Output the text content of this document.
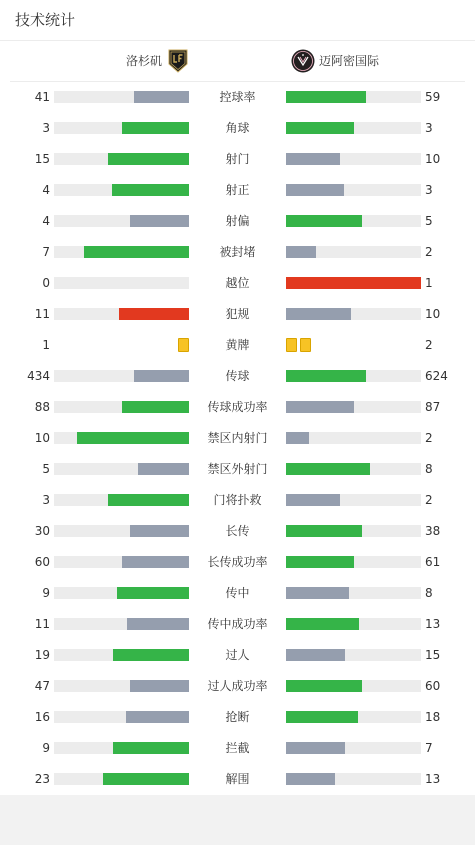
技术统计
洛杉矶	迈阿密国际
41	控球率	59
3	角球	3
15	射门	10
4	射正	3
4	射偏	5
7	被封堵	2
0	越位	1
11	犯规	10
1	黄牌	2
434	传球	624
88	传球成功率	87
10	禁区内射门	2
5	禁区外射门	8
3	门将扑救	2
30	长传	38
60	长传成功率	61
9	传中	8
11	传中成功率	13
19	过人	15
47	过人成功率	60
16	抢断	18
9	拦截	7
23	解围	13
